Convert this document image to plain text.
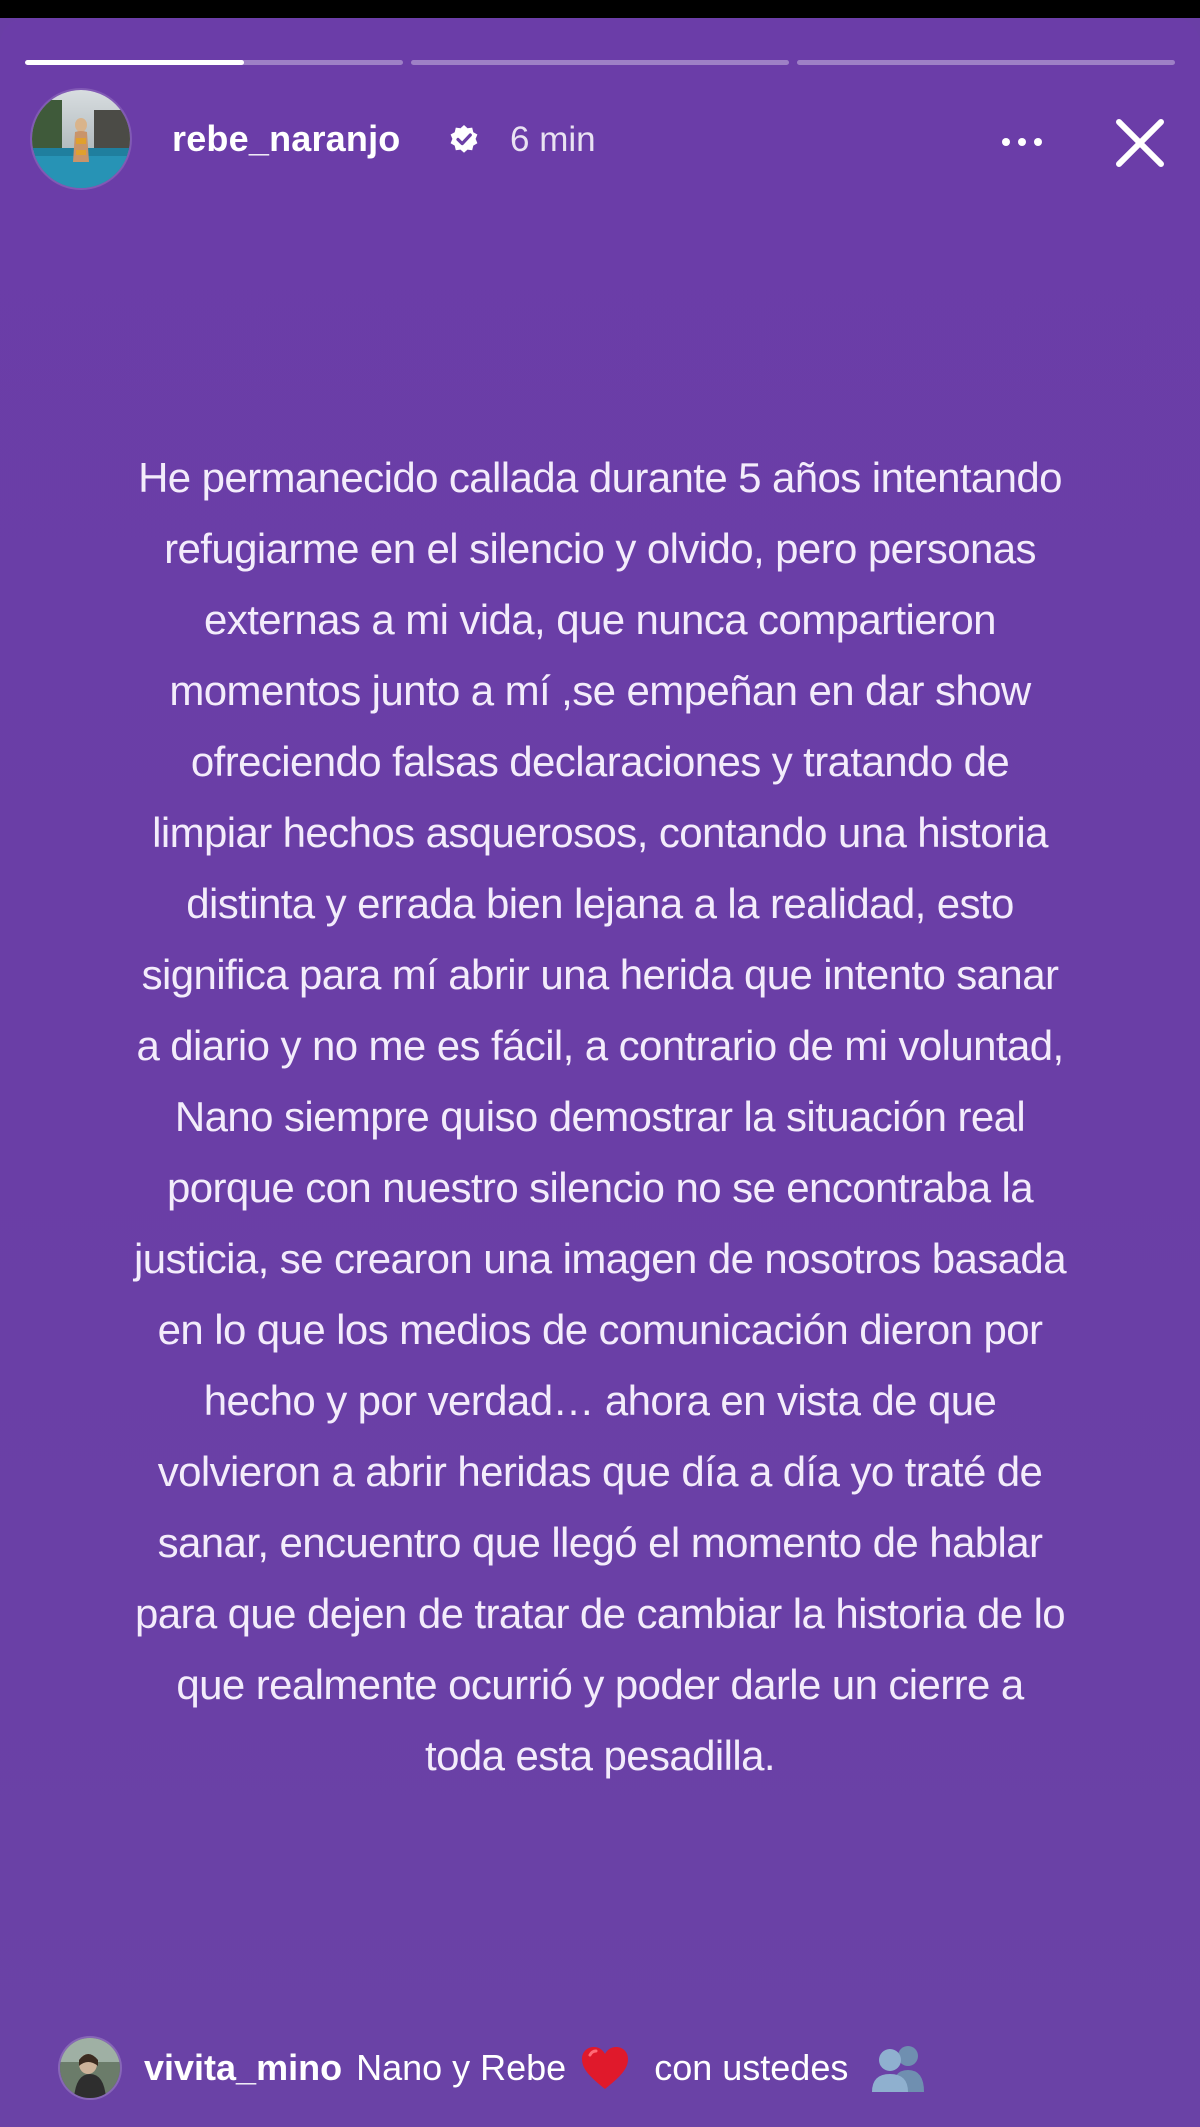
rebe_naranjo	6 min
He permanecido callada durante 5 años intentando
refugiarme en el silencio y olvido, pero personas
externas a mi vida, que nunca compartieron
momentos junto a mí ,se empeñan en dar show
ofreciendo falsas declaraciones y tratando de
limpiar hechos asquerosos, contando una historia
distinta y errada bien lejana a la realidad, esto
significa para mí abrir una herida que intento sanar
a diario y no me es fácil, a contrario de mi voluntad,
Nano siempre quiso demostrar la situación real
porque con nuestro silencio no se encontraba la
justicia, se crearon una imagen de nosotros basada
en lo que los medios de comunicación dieron por
hecho y por verdad… ahora en vista de que
volvieron a abrir heridas que día a día yo traté de
sanar, encuentro que llegó el momento de hablar
para que dejen de tratar de cambiar la historia de lo
que realmente ocurrió y poder darle un cierre a
toda esta pesadilla.
vivita_mino Nano y Rebe con ustedes
